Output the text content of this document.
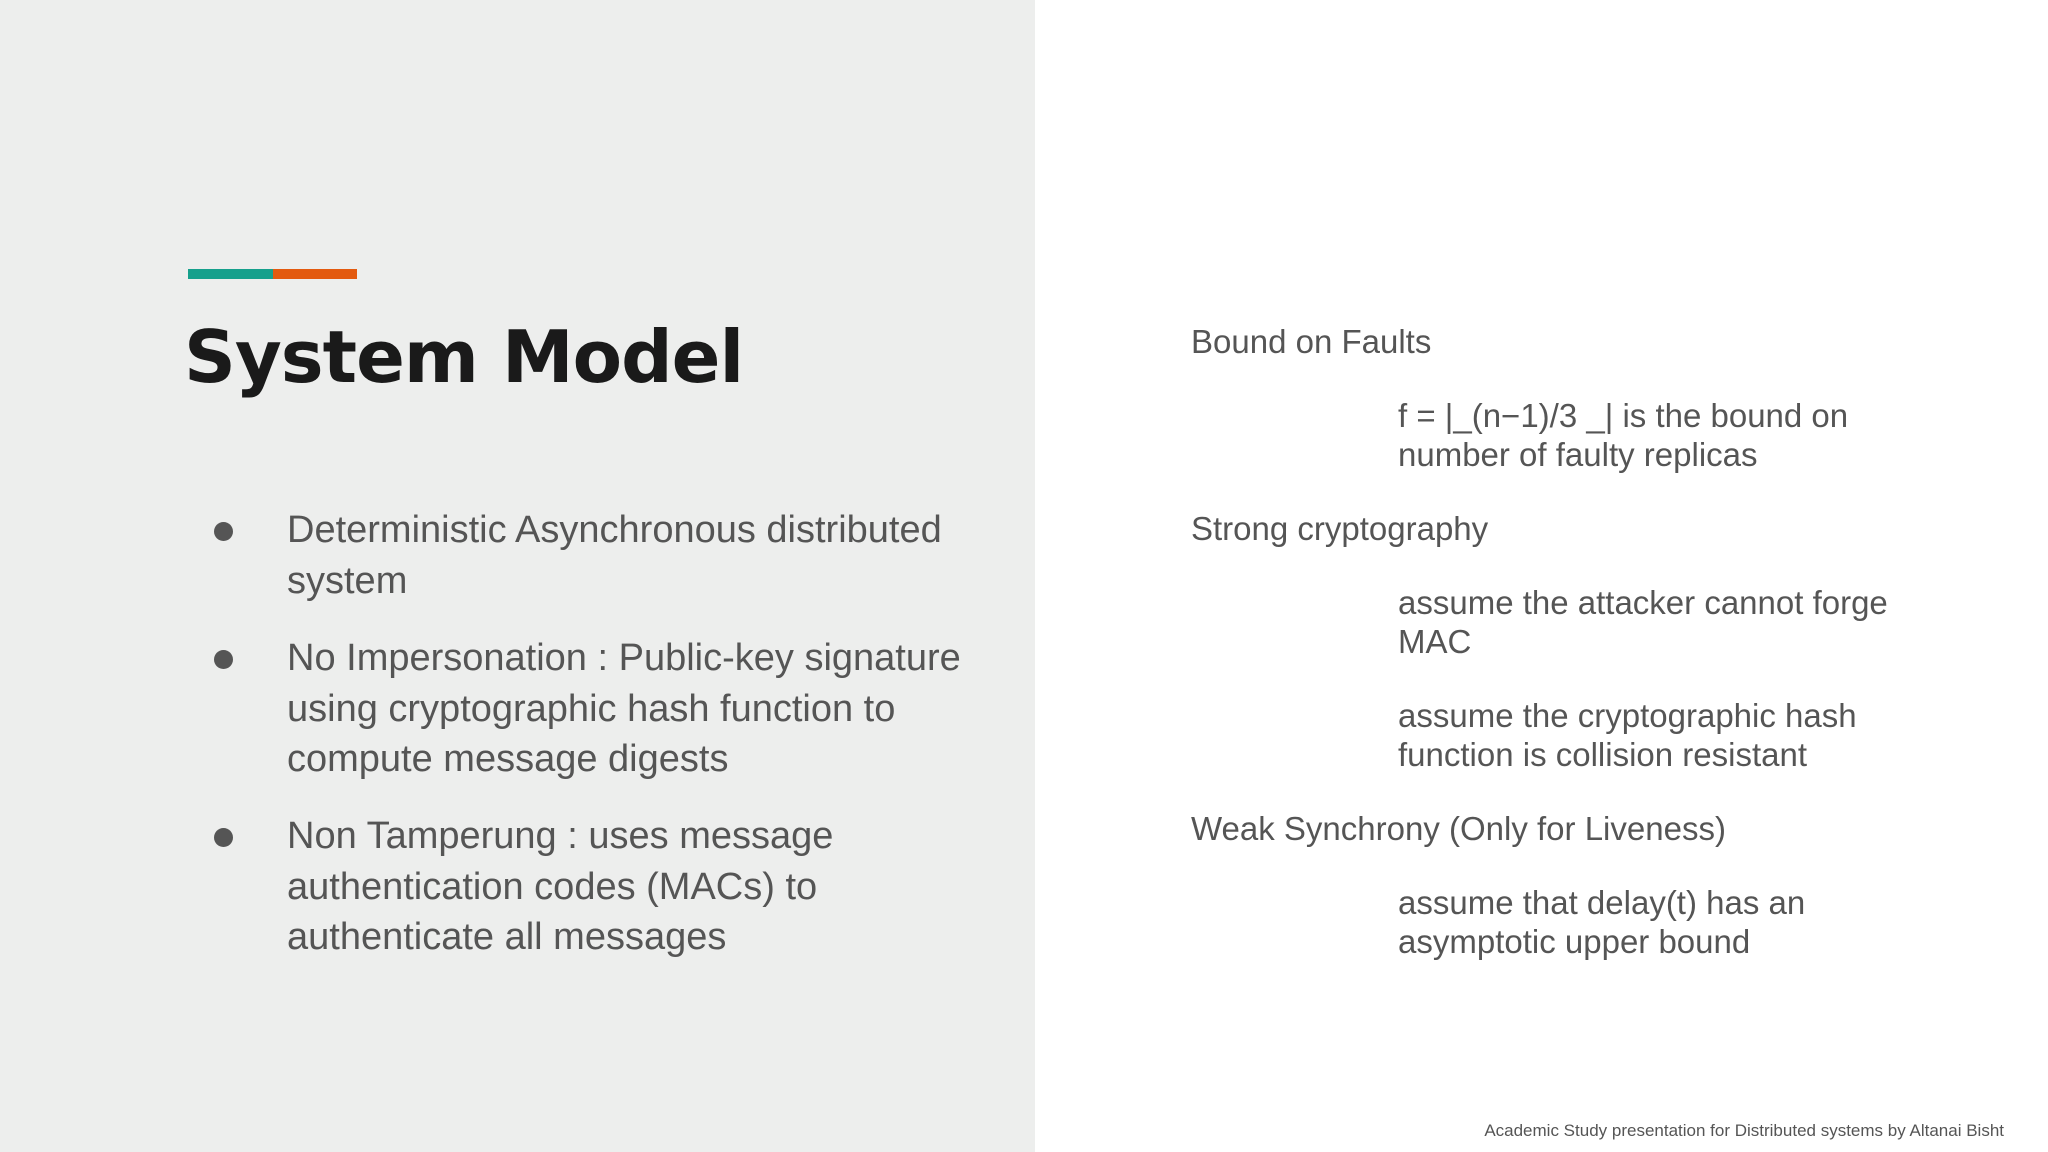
System Model
Deterministic Asynchronous distributed system
No Impersonation : Public-key signature using cryptographic hash function to compute message digests
Non Tamperung : uses message authentication codes (MACs) to authenticate all messages
Bound on Faults
f = |_(n−1)/3 _| is the bound on
number of faulty replicas
Strong cryptography
assume the attacker cannot forge
MAC
assume the cryptographic hash
function is collision resistant
Weak Synchrony (Only for Liveness)
assume that delay(t) has an
asymptotic upper bound
Academic Study presentation for Distributed systems by Altanai Bisht
